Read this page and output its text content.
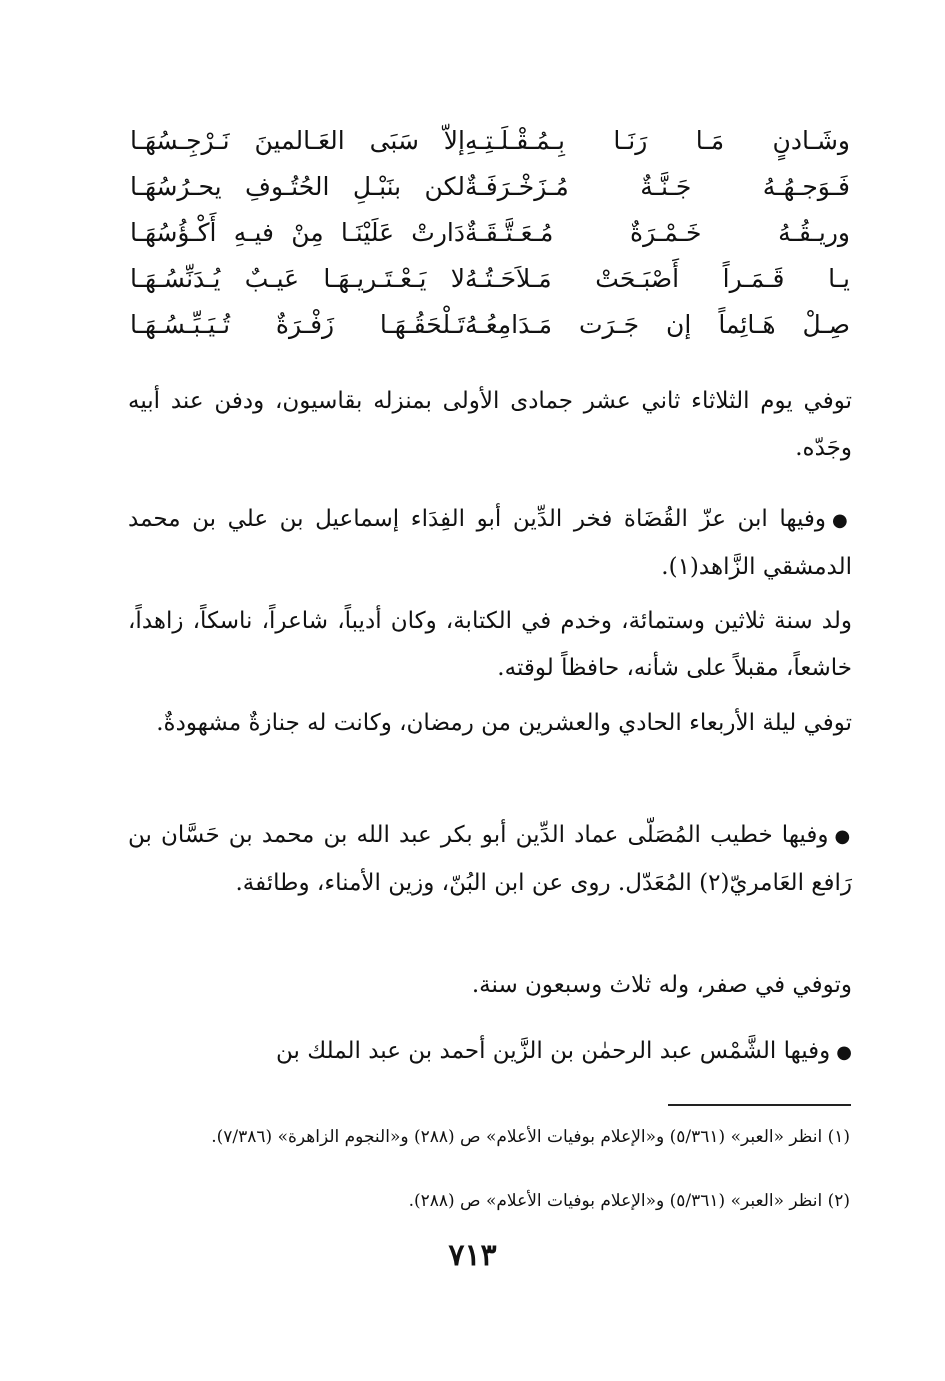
وشَـادنٍ مَـا رَنَـا بِـمُـقْـلَـتِـهِ
إلاّ سَبَى العَـالمينَ نَـرْجِـسُهَـا
فَـوَجـهُـهُ جَـنَّـةٌ مُـزَخْـرَفَـةٌ
لكن بنَبْـلِ الحُتُـوفِ يحـرُسُهَـا
وريـقُـهُ خَـمْـرَةٌ مُـعَـتَّـقَـةٌ
دَارتْ عَلَيْنَـا مِنْ فيـهِ أَكْـؤُسُهَـا
يـا قَـمَـراً أَصْبَـحَتْ مَـلاَحَـتُـهُ
لا يَـعْـتَـريـهَـا عَيـبٌ يُـدَنِّسُـهَـا
صِـلْ هَـائِماً إن جَـرَت مَـدَامِعُـهُ
تَـلْحَقُـهَـا زَفْـرَةٌ تُـيَـبِّـسُـهَـا

توفي يوم الثلاثاء ثاني عشر جمادى الأولى بمنزله بقاسيون، ودفن عند أبيه وجَدّه.

●وفيها ابن عزّ القُضَاة فخر الدِّين أبو الفِدَاء إسماعيل بن علي بن محمد الدمشقي الزَّاهد(١).

ولد سنة ثلاثين وستمائة، وخدم في الكتابة، وكان أديباً، شاعراً، ناسكاً، زاهداً، خاشعاً، مقبلاً على شأنه، حافظاً لوقته.

توفي ليلة الأربعاء الحادي والعشرين من رمضان، وكانت له جنازةٌ مشهودةٌ.

●وفيها خطيب المُصَلّى عماد الدِّين أبو بكر عبد الله بن محمد بن حَسَّان بن رَافع العَامريّ(٢) المُعَدّل. روى عن ابن البُنّ، وزين الأمناء، وطائفة.

وتوفي في صفر، وله ثلاث وسبعون سنة.

●وفيها الشَّمْس عبد الرحمٰن بن الزَّين أحمد بن عبد الملك بن

(١) انظر «العبر» (٥/٣٦١) و«الإعلام بوفيات الأعلام» ص (٢٨٨) و«النجوم الزاهرة» (٧/٣٨٦).
(٢) انظر «العبر» (٥/٣٦١) و«الإعلام بوفيات الأعلام» ص (٢٨٨).
٧١٣
